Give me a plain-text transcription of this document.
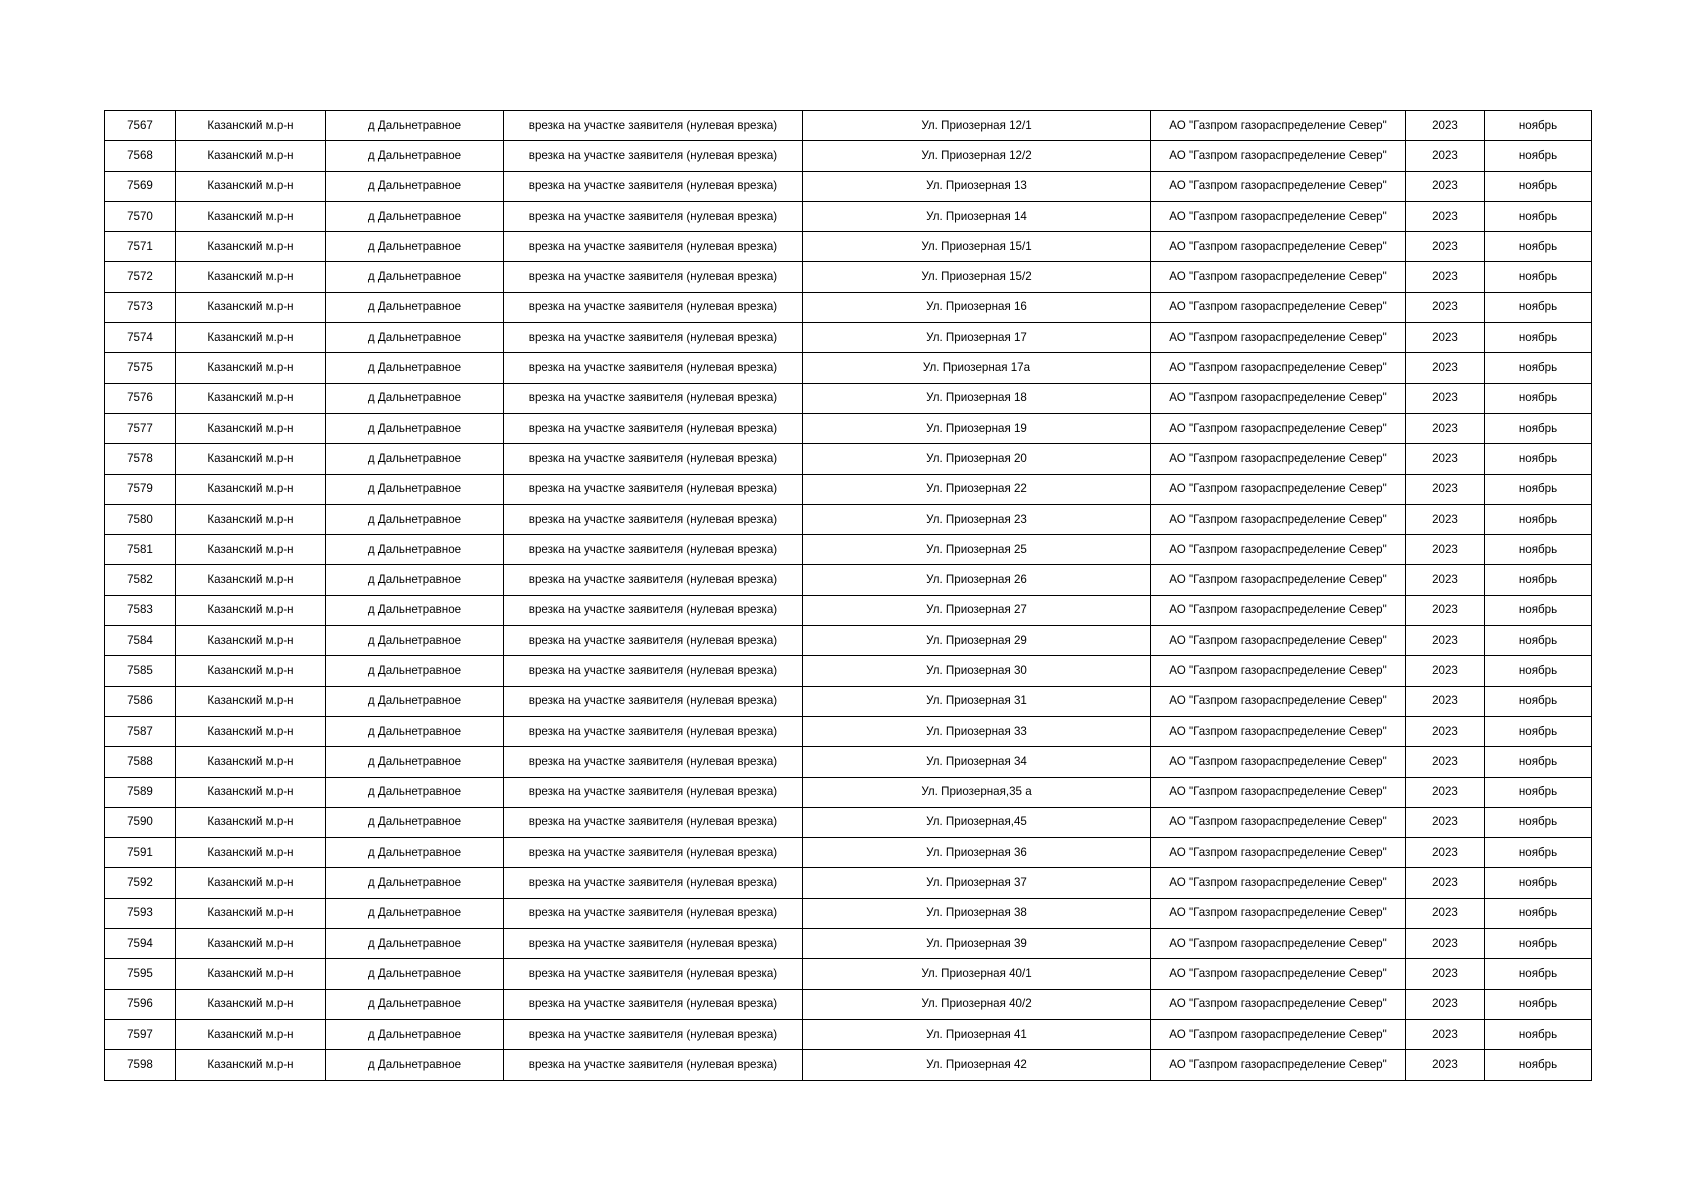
7567	Казанский м.р-н	д Дальнетравное	врезка на участке заявителя (нулевая врезка)	Ул. Приозерная 12/1	АО "Газпром газораспределение Север"	2023	ноябрь
7568	Казанский м.р-н	д Дальнетравное	врезка на участке заявителя (нулевая врезка)	Ул. Приозерная 12/2	АО "Газпром газораспределение Север"	2023	ноябрь
7569	Казанский м.р-н	д Дальнетравное	врезка на участке заявителя (нулевая врезка)	Ул. Приозерная 13	АО "Газпром газораспределение Север"	2023	ноябрь
7570	Казанский м.р-н	д Дальнетравное	врезка на участке заявителя (нулевая врезка)	Ул. Приозерная 14	АО "Газпром газораспределение Север"	2023	ноябрь
7571	Казанский м.р-н	д Дальнетравное	врезка на участке заявителя (нулевая врезка)	Ул. Приозерная 15/1	АО "Газпром газораспределение Север"	2023	ноябрь
7572	Казанский м.р-н	д Дальнетравное	врезка на участке заявителя (нулевая врезка)	Ул. Приозерная 15/2	АО "Газпром газораспределение Север"	2023	ноябрь
7573	Казанский м.р-н	д Дальнетравное	врезка на участке заявителя (нулевая врезка)	Ул. Приозерная 16	АО "Газпром газораспределение Север"	2023	ноябрь
7574	Казанский м.р-н	д Дальнетравное	врезка на участке заявителя (нулевая врезка)	Ул. Приозерная 17	АО "Газпром газораспределение Север"	2023	ноябрь
7575	Казанский м.р-н	д Дальнетравное	врезка на участке заявителя (нулевая врезка)	Ул. Приозерная 17а	АО "Газпром газораспределение Север"	2023	ноябрь
7576	Казанский м.р-н	д Дальнетравное	врезка на участке заявителя (нулевая врезка)	Ул. Приозерная 18	АО "Газпром газораспределение Север"	2023	ноябрь
7577	Казанский м.р-н	д Дальнетравное	врезка на участке заявителя (нулевая врезка)	Ул. Приозерная 19	АО "Газпром газораспределение Север"	2023	ноябрь
7578	Казанский м.р-н	д Дальнетравное	врезка на участке заявителя (нулевая врезка)	Ул. Приозерная 20	АО "Газпром газораспределение Север"	2023	ноябрь
7579	Казанский м.р-н	д Дальнетравное	врезка на участке заявителя (нулевая врезка)	Ул. Приозерная 22	АО "Газпром газораспределение Север"	2023	ноябрь
7580	Казанский м.р-н	д Дальнетравное	врезка на участке заявителя (нулевая врезка)	Ул. Приозерная 23	АО "Газпром газораспределение Север"	2023	ноябрь
7581	Казанский м.р-н	д Дальнетравное	врезка на участке заявителя (нулевая врезка)	Ул. Приозерная 25	АО "Газпром газораспределение Север"	2023	ноябрь
7582	Казанский м.р-н	д Дальнетравное	врезка на участке заявителя (нулевая врезка)	Ул. Приозерная 26	АО "Газпром газораспределение Север"	2023	ноябрь
7583	Казанский м.р-н	д Дальнетравное	врезка на участке заявителя (нулевая врезка)	Ул. Приозерная 27	АО "Газпром газораспределение Север"	2023	ноябрь
7584	Казанский м.р-н	д Дальнетравное	врезка на участке заявителя (нулевая врезка)	Ул. Приозерная 29	АО "Газпром газораспределение Север"	2023	ноябрь
7585	Казанский м.р-н	д Дальнетравное	врезка на участке заявителя (нулевая врезка)	Ул. Приозерная 30	АО "Газпром газораспределение Север"	2023	ноябрь
7586	Казанский м.р-н	д Дальнетравное	врезка на участке заявителя (нулевая врезка)	Ул. Приозерная 31	АО "Газпром газораспределение Север"	2023	ноябрь
7587	Казанский м.р-н	д Дальнетравное	врезка на участке заявителя (нулевая врезка)	Ул. Приозерная 33	АО "Газпром газораспределение Север"	2023	ноябрь
7588	Казанский м.р-н	д Дальнетравное	врезка на участке заявителя (нулевая врезка)	Ул. Приозерная 34	АО "Газпром газораспределение Север"	2023	ноябрь
7589	Казанский м.р-н	д Дальнетравное	врезка на участке заявителя (нулевая врезка)	Ул. Приозерная,35 а	АО "Газпром газораспределение Север"	2023	ноябрь
7590	Казанский м.р-н	д Дальнетравное	врезка на участке заявителя (нулевая врезка)	Ул. Приозерная,45	АО "Газпром газораспределение Север"	2023	ноябрь
7591	Казанский м.р-н	д Дальнетравное	врезка на участке заявителя (нулевая врезка)	Ул. Приозерная 36	АО "Газпром газораспределение Север"	2023	ноябрь
7592	Казанский м.р-н	д Дальнетравное	врезка на участке заявителя (нулевая врезка)	Ул. Приозерная 37	АО "Газпром газораспределение Север"	2023	ноябрь
7593	Казанский м.р-н	д Дальнетравное	врезка на участке заявителя (нулевая врезка)	Ул. Приозерная 38	АО "Газпром газораспределение Север"	2023	ноябрь
7594	Казанский м.р-н	д Дальнетравное	врезка на участке заявителя (нулевая врезка)	Ул. Приозерная 39	АО "Газпром газораспределение Север"	2023	ноябрь
7595	Казанский м.р-н	д Дальнетравное	врезка на участке заявителя (нулевая врезка)	Ул. Приозерная 40/1	АО "Газпром газораспределение Север"	2023	ноябрь
7596	Казанский м.р-н	д Дальнетравное	врезка на участке заявителя (нулевая врезка)	Ул. Приозерная 40/2	АО "Газпром газораспределение Север"	2023	ноябрь
7597	Казанский м.р-н	д Дальнетравное	врезка на участке заявителя (нулевая врезка)	Ул. Приозерная 41	АО "Газпром газораспределение Север"	2023	ноябрь
7598	Казанский м.р-н	д Дальнетравное	врезка на участке заявителя (нулевая врезка)	Ул. Приозерная 42	АО "Газпром газораспределение Север"	2023	ноябрь
